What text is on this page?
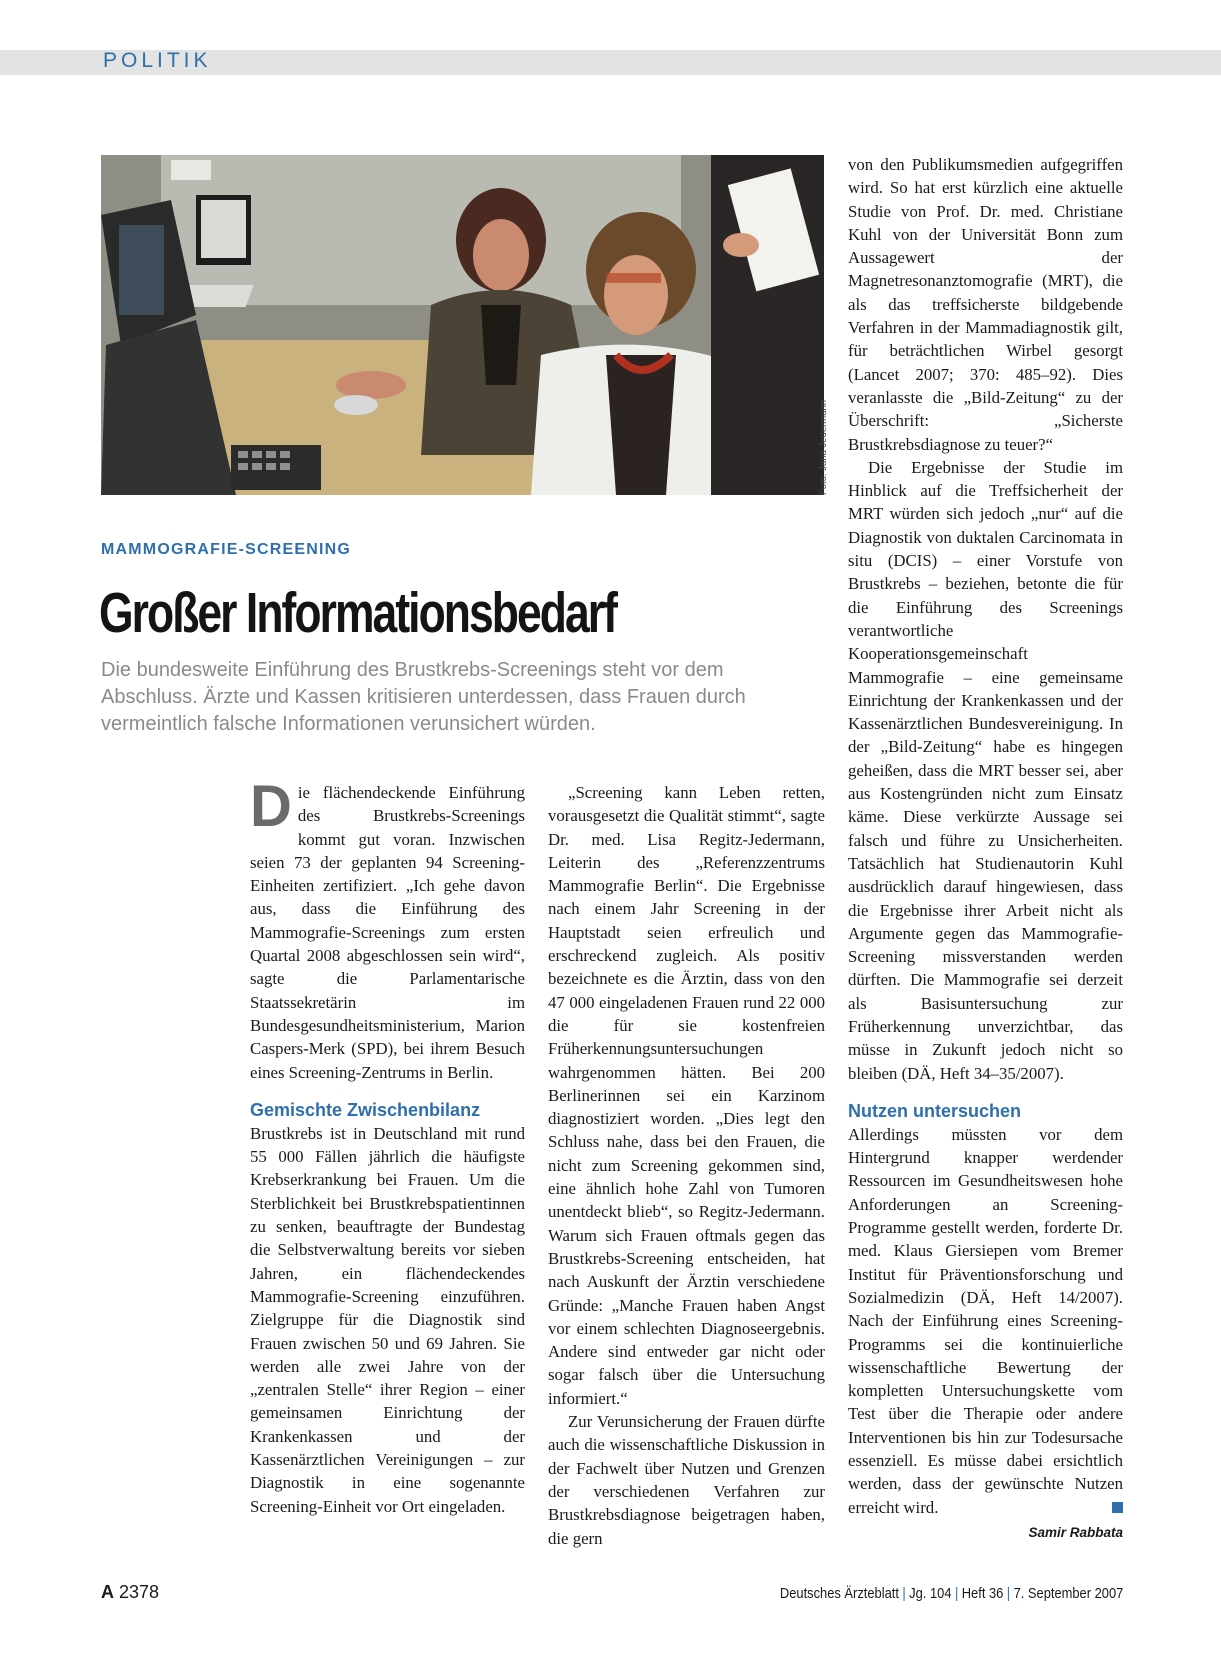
POLITIK
Foto: Jana Jedermann
MAMMOGRAFIE-SCREENING
Großer Informationsbedarf
Die bundesweite Einführung des Brustkrebs-Screenings steht vor dem Abschluss. Ärzte und Kassen kritisieren unterdessen, dass Frauen durch vermeintlich falsche Informationen verunsichert würden.

Die flächendeckende Einführung des Brustkrebs-Screenings kommt gut voran. Inzwischen seien 73 der geplanten 94 Screening-Einheiten zertifiziert. „Ich gehe davon aus, dass die Einführung des Mammografie-Screenings zum ersten Quartal 2008 abgeschlossen sein wird“, sagte die Parlamentarische Staatssekretärin im Bundesgesundheitsministerium, Marion Caspers-Merk (SPD), bei ihrem Besuch eines Screening-Zentrums in Berlin.

Gemischte Zwischenbilanz

Brustkrebs ist in Deutschland mit rund 55 000 Fällen jährlich die häufigste Krebserkrankung bei Frauen. Um die Sterblichkeit bei Brustkrebspatientinnen zu senken, beauftragte der Bundestag die Selbstverwaltung bereits vor sieben Jahren, ein flächendeckendes Mammografie-Screening einzuführen. Zielgruppe für die Diagnostik sind Frauen zwischen 50 und 69 Jahren. Sie werden alle zwei Jahre von der „zentralen Stelle“ ihrer Region – einer gemeinsamen Einrichtung der Krankenkassen und der Kassenärztlichen Vereinigungen – zur Diagnostik in eine sogenannte Screening-Einheit vor Ort eingeladen.

„Screening kann Leben retten, vorausgesetzt die Qualität stimmt“, sagte Dr. med. Lisa Regitz-Jedermann, Leiterin des „Referenzzentrums Mammografie Berlin“. Die Ergebnisse nach einem Jahr Screening in der Hauptstadt seien erfreulich und erschreckend zugleich. Als positiv bezeichnete es die Ärztin, dass von den 47 000 eingeladenen Frauen rund 22 000 die für sie kostenfreien Früherkennungsuntersuchungen wahrgenommen hätten. Bei 200 Berlinerinnen sei ein Karzinom diagnostiziert worden. „Dies legt den Schluss nahe, dass bei den Frauen, die nicht zum Screening gekommen sind, eine ähnlich hohe Zahl von Tumoren unentdeckt blieb“, so Regitz-Jedermann. Warum sich Frauen oftmals gegen das Brustkrebs-Screening entscheiden, hat nach Auskunft der Ärztin verschiedene Gründe: „Manche Frauen haben Angst vor einem schlechten Diagnoseergebnis. Andere sind entweder gar nicht oder sogar falsch über die Untersuchung informiert.“

Zur Verunsicherung der Frauen dürfte auch die wissenschaftliche Diskussion in der Fachwelt über Nutzen und Grenzen der verschiedenen Verfahren zur Brustkrebsdiagnose beigetragen haben, die gern

von den Publikumsmedien aufgegriffen wird. So hat erst kürzlich eine aktuelle Studie von Prof. Dr. med. Christiane Kuhl von der Universität Bonn zum Aussagewert der Magnetresonanztomografie (MRT), die als das treffsicherste bildgebende Verfahren in der Mammadiagnostik gilt, für beträchtlichen Wirbel gesorgt (Lancet 2007; 370: 485–92). Dies veranlasste die „Bild-Zeitung“ zu der Überschrift: „Sicherste Brustkrebsdiagnose zu teuer?“

Die Ergebnisse der Studie im Hinblick auf die Treffsicherheit der MRT würden sich jedoch „nur“ auf die Diagnostik von duktalen Carcinomata in situ (DCIS) – einer Vorstufe von Brustkrebs – beziehen, betonte die für die Einführung des Screenings verantwortliche Kooperationsgemeinschaft Mammografie – eine gemeinsame Einrichtung der Krankenkassen und der Kassenärztlichen Bundesvereinigung. In der „Bild-Zeitung“ habe es hingegen geheißen, dass die MRT besser sei, aber aus Kostengründen nicht zum Einsatz käme. Diese verkürzte Aussage sei falsch und führe zu Unsicherheiten. Tatsächlich hat Studienautorin Kuhl ausdrücklich darauf hingewiesen, dass die Ergebnisse ihrer Arbeit nicht als Argumente gegen das Mammografie-Screening missverstanden werden dürften. Die Mammografie sei derzeit als Basisuntersuchung zur Früherkennung unverzichtbar, das müsse in Zukunft jedoch nicht so bleiben (DÄ, Heft 34–35/2007).

Nutzen untersuchen

Allerdings müssten vor dem Hintergrund knapper werdender Ressourcen im Gesundheitswesen hohe Anforderungen an Screening-Programme gestellt werden, forderte Dr. med. Klaus Giersiepen vom Bremer Institut für Präventionsforschung und Sozialmedizin (DÄ, Heft 14/2007). Nach der Einführung eines Screening-Programms sei die kontinuierliche wissenschaftliche Bewertung der kompletten Untersuchungskette vom Test über die Therapie oder andere Interventionen bis hin zur Todesursache essenziell. Es müsse dabei ersichtlich werden, dass der gewünschte Nutzen erreicht wird.

Samir Rabbata
A 2378	Deutsches Ärzteblatt | Jg. 104 | Heft 36 | 7. September 2007
